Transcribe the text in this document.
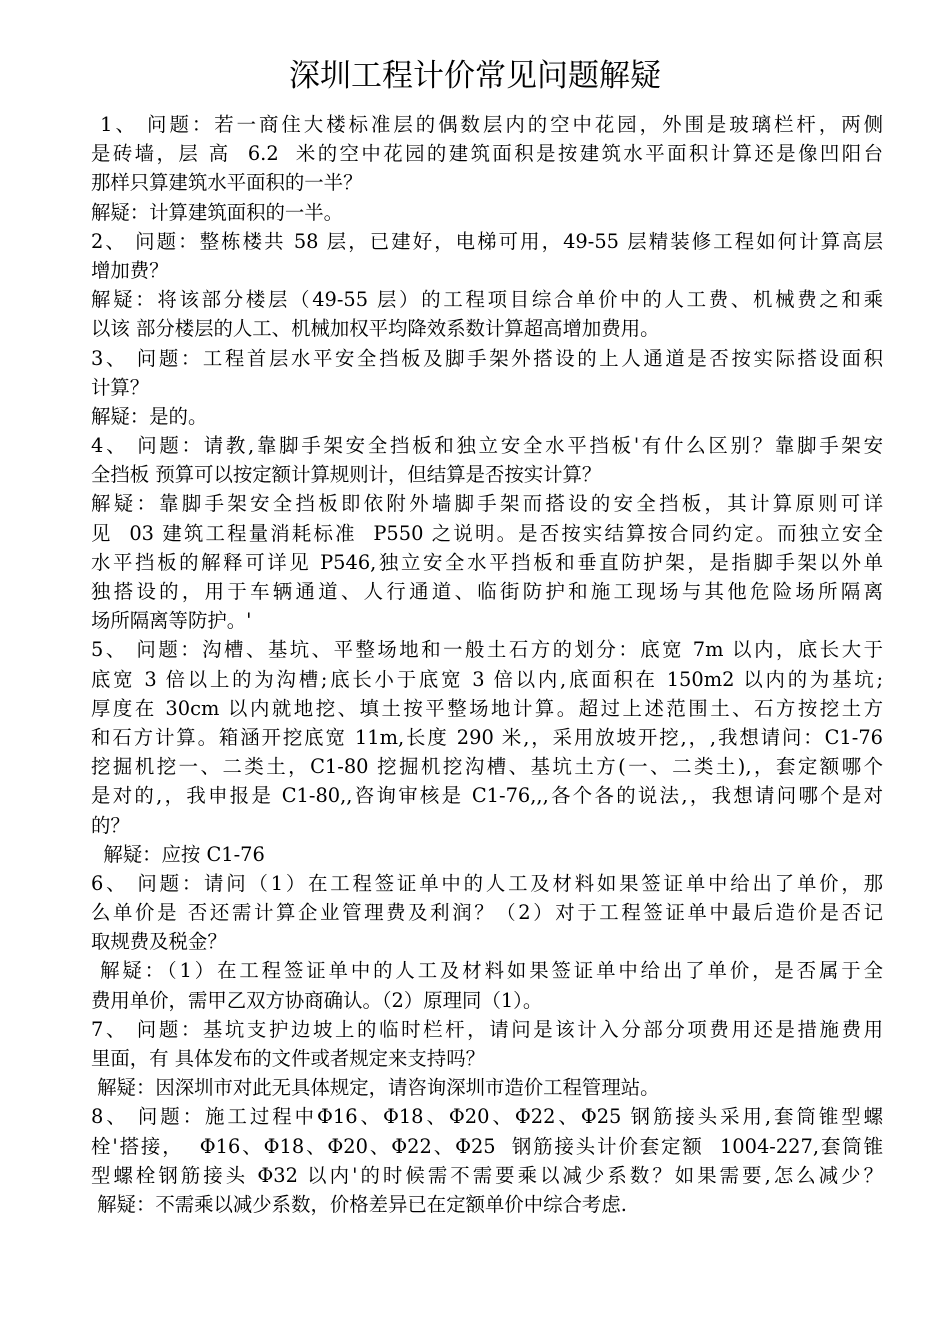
深圳工程计价常见问题解疑
1、 问题：若一商住大楼标准层的偶数层内的空中花园，外围是玻璃栏杆，两侧
是砖墙，层 高  6.2  米的空中花园的建筑面积是按建筑水平面积计算还是像凹阳台
那样只算建筑水平面积的一半？
解疑：计算建筑面积的一半。
2、 问题：整栋楼共 58 层，已建好，电梯可用，49-55 层精装修工程如何计算高层
增加费？
解疑：将该部分楼层（49-55 层）的工程项目综合单价中的人工费、机械费之和乘
以该 部分楼层的人工、机械加权平均降效系数计算超高增加费用。
3、 问题：工程首层水平安全挡板及脚手架外搭设的上人通道是否按实际搭设面积
计算？
解疑：是的。
4、 问题：请教,靠脚手架安全挡板和独立安全水平挡板'有什么区别？靠脚手架安
全挡板 预算可以按定额计算规则计，但结算是否按实计算？
解疑：靠脚手架安全挡板即依附外墙脚手架而搭设的安全挡板，其计算原则可详
见  03 建筑工程量消耗标准  P550 之说明。是否按实结算按合同约定。而独立安全
水平挡板的解释可详见 P546,独立安全水平挡板和垂直防护架，是指脚手架以外单
独搭设的，用于车辆通道、人行通道、临街防护和施工现场与其他危险场所隔离
场所隔离等防护。'
5、 问题：沟槽、基坑、平整场地和一般土石方的划分：底宽 7m 以内，底长大于
底宽 3 倍以上的为沟槽;底长小于底宽 3 倍以内,底面积在 150m2 以内的为基坑;
厚度在 30cm 以内就地挖、填土按平整场地计算。超过上述范围土、石方按挖土方
和石方计算。箱涵开挖底宽 11m,长度 290 米,，采用放坡开挖,，,我想请问：C1-76
挖掘机挖一、二类土，C1-80 挖掘机挖沟槽、基坑土方(一、二类土),，套定额哪个
是对的,，我申报是 C1-80,,咨询审核是 C1-76,,,各个各的说法,，我想请问哪个是对
的？
解疑：应按 C1-76
6、 问题：请问（1）在工程签证单中的人工及材料如果签证单中给出了单价，那
么单价是 否还需计算企业管理费及利润？（2）对于工程签证单中最后造价是否记
取规费及税金？
解疑：（1）在工程签证单中的人工及材料如果签证单中给出了单价，是否属于全
费用单价，需甲乙双方协商确认。（2）原理同（1）。
7、 问题：基坑支护边坡上的临时栏杆，请问是该计入分部分项费用还是措施费用
里面，有 具体发布的文件或者规定来支持吗？
解疑：因深圳市对此无具体规定，请咨询深圳市造价工程管理站。
8、 问题：施工过程中Φ16、Φ18、Φ20、Φ22、Φ25 钢筋接头采用,套筒锥型螺
栓'搭接，  Φ16、Φ18、Φ20、Φ22、Φ25  钢筋接头计价套定额  1004-227,套筒锥
型螺栓钢筋接头 Φ32 以内'的时候需不需要乘以减少系数？如果需要,怎么减少？
解疑：不需乘以减少系数，价格差异已在定额单价中综合考虑.
